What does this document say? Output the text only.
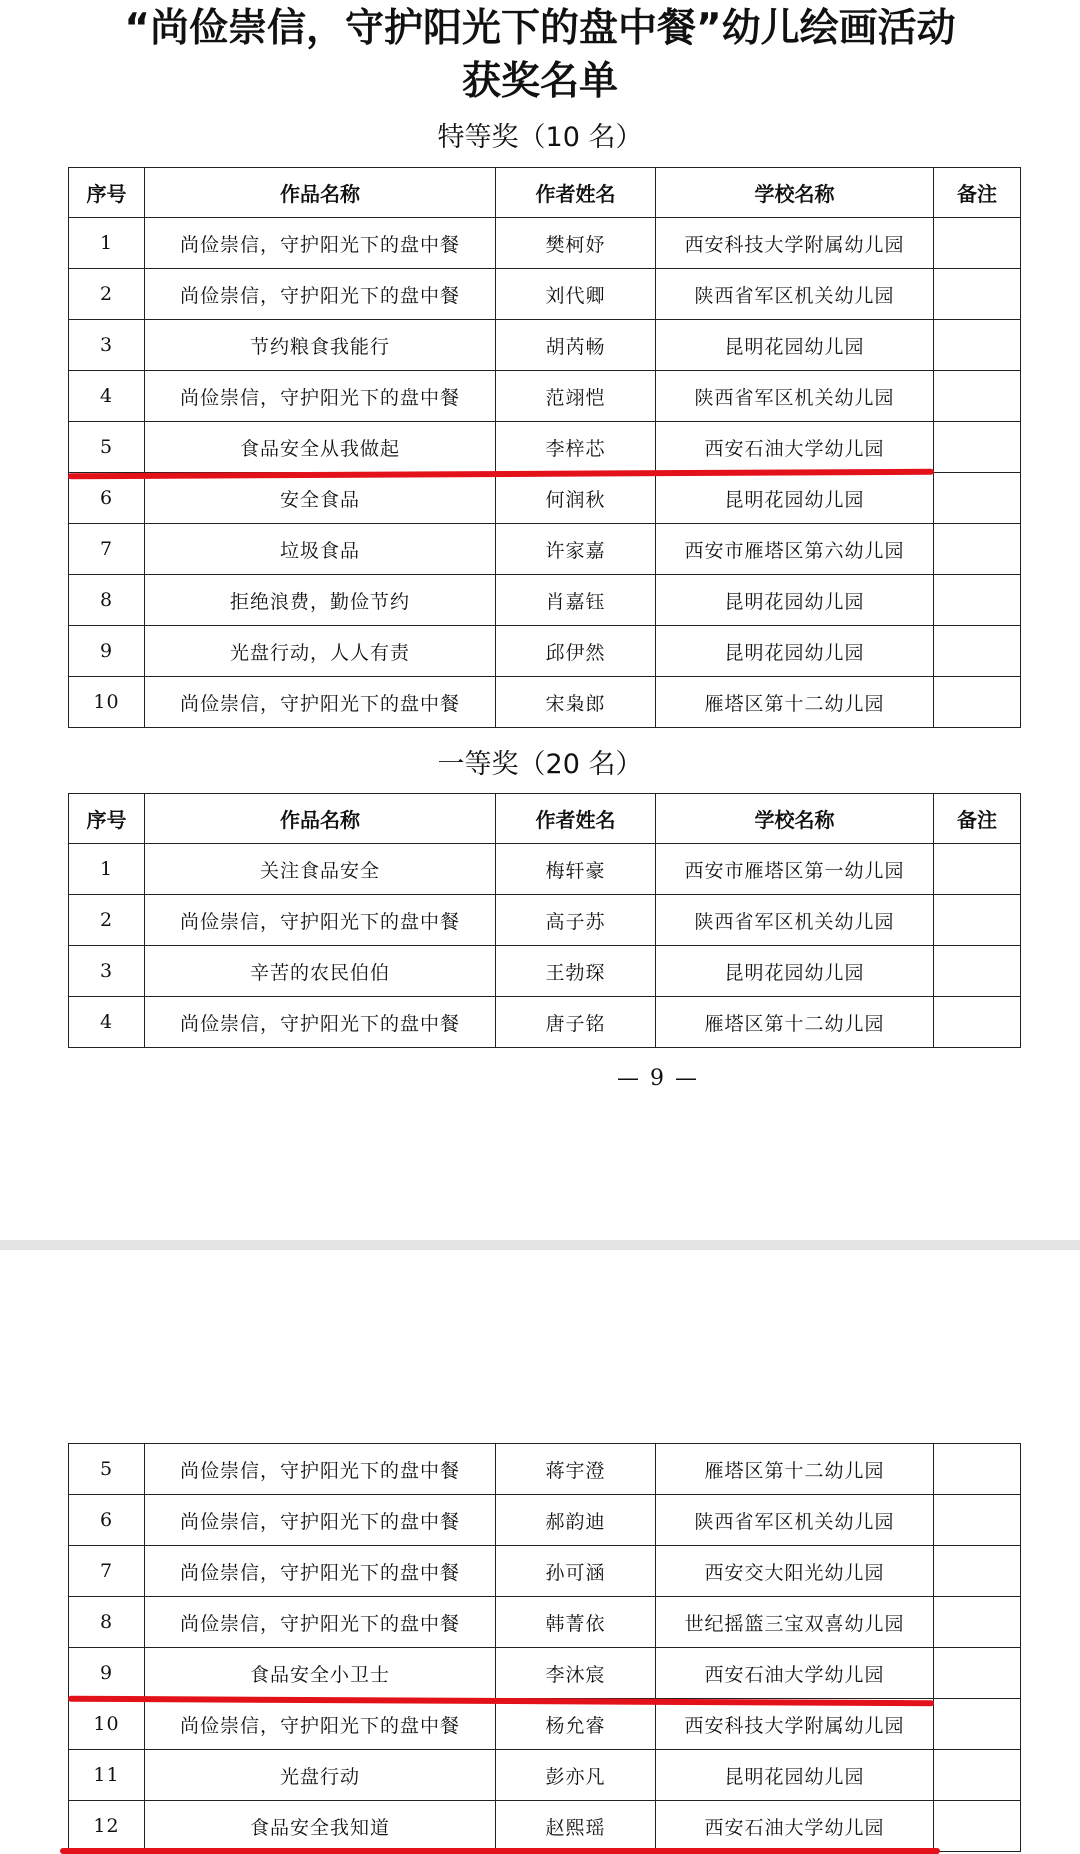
“尚俭崇信，守护阳光下的盘中餐”幼儿绘画活动
获奖名单
特等奖（10 名）
序号	作品名称	作者姓名	学校名称	备注
1	尚俭崇信，守护阳光下的盘中餐	樊柯妤	西安科技大学附属幼儿园	
2	尚俭崇信，守护阳光下的盘中餐	刘代卿	陕西省军区机关幼儿园	
3	节约粮食我能行	胡芮畅	昆明花园幼儿园	
4	尚俭崇信，守护阳光下的盘中餐	范翊恺	陕西省军区机关幼儿园	
5	食品安全从我做起	李梓芯	西安石油大学幼儿园	
6	安全食品	何润秋	昆明花园幼儿园	
7	垃圾食品	许家嘉	西安市雁塔区第六幼儿园	
8	拒绝浪费，勤俭节约	肖嘉钰	昆明花园幼儿园	
9	光盘行动，人人有责	邱伊然	昆明花园幼儿园	
10	尚俭崇信，守护阳光下的盘中餐	宋枭郎	雁塔区第十二幼儿园	
一等奖（20 名）
序号	作品名称	作者姓名	学校名称	备注
1	关注食品安全	梅轩豪	西安市雁塔区第一幼儿园	
2	尚俭崇信，守护阳光下的盘中餐	高子苏	陕西省军区机关幼儿园	
3	辛苦的农民伯伯	王勃琛	昆明花园幼儿园	
4	尚俭崇信，守护阳光下的盘中餐	唐子铭	雁塔区第十二幼儿园	
— 9 —
5	尚俭崇信，守护阳光下的盘中餐	蒋宇澄	雁塔区第十二幼儿园	
6	尚俭崇信，守护阳光下的盘中餐	郝韵迪	陕西省军区机关幼儿园	
7	尚俭崇信，守护阳光下的盘中餐	孙可涵	西安交大阳光幼儿园	
8	尚俭崇信，守护阳光下的盘中餐	韩菁依	世纪摇篮三宝双喜幼儿园	
9	食品安全小卫士	李沐宸	西安石油大学幼儿园	
10	尚俭崇信，守护阳光下的盘中餐	杨允睿	西安科技大学附属幼儿园	
11	光盘行动	彭亦凡	昆明花园幼儿园	
12	食品安全我知道	赵熙瑶	西安石油大学幼儿园	
